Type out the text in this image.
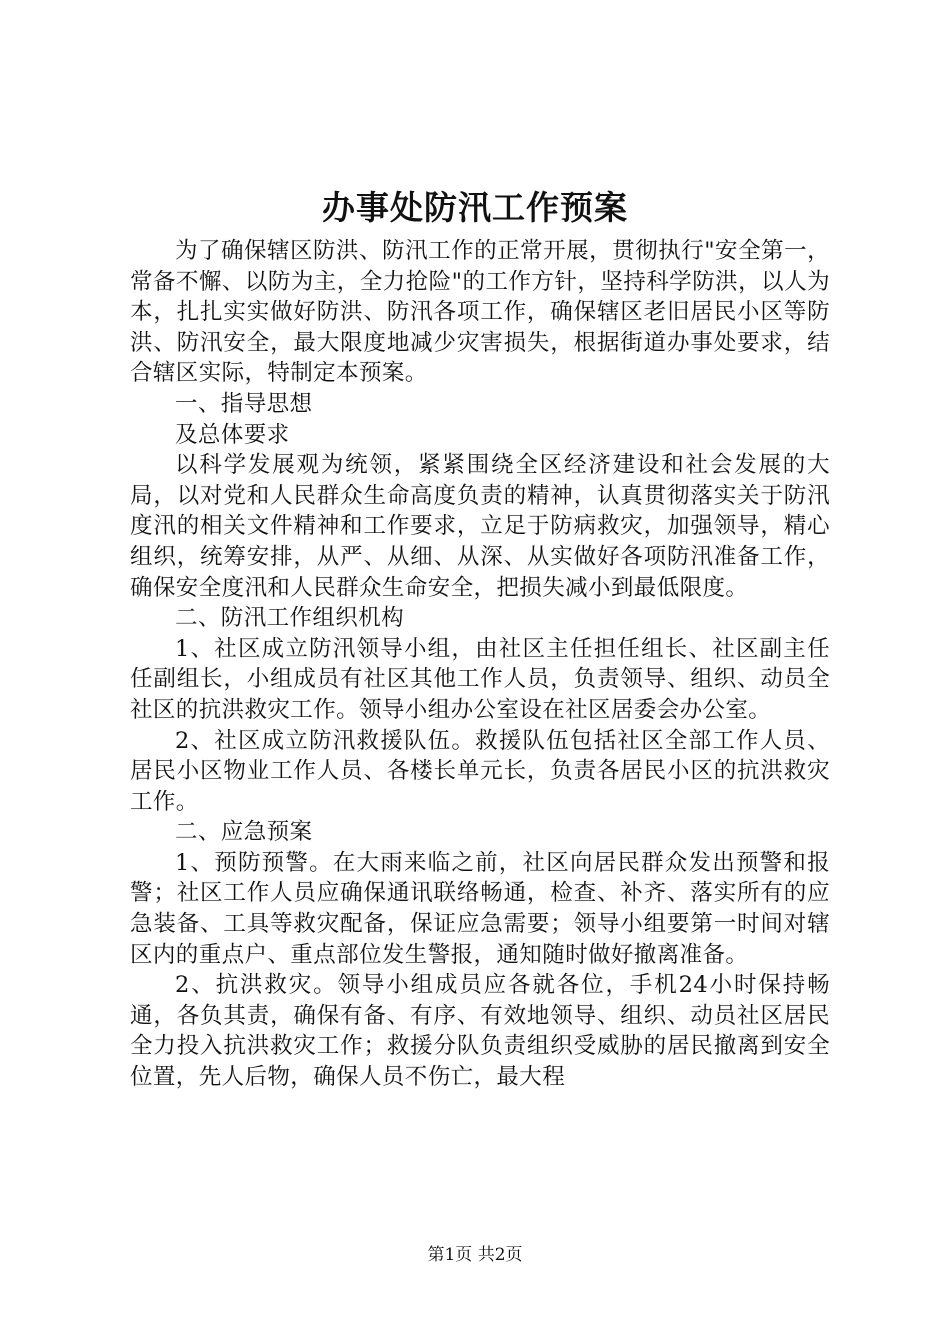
办事处防汛工作预案

为了确保辖区防洪、防汛工作的正常开展，贯彻执行"安全第一，常备不懈、以防为主，全力抢险"的工作方针，坚持科学防洪，以人为本，扎扎实实做好防洪、防汛各项工作，确保辖区老旧居民小区等防洪、防汛安全，最大限度地减少灾害损失，根据街道办事处要求，结合辖区实际，特制定本预案。

一、指导思想

及总体要求

以科学发展观为统领，紧紧围绕全区经济建设和社会发展的大局，以对党和人民群众生命高度负责的精神，认真贯彻落实关于防汛度汛的相关文件精神和工作要求，立足于防病救灾，加强领导，精心组织，统筹安排，从严、从细、从深、从实做好各项防汛准备工作，确保安全度汛和人民群众生命安全，把损失减小到最低限度。

二、防汛工作组织机构

1、社区成立防汛领导小组，由社区主任担任组长、社区副主任任副组长，小组成员有社区其他工作人员，负责领导、组织、动员全社区的抗洪救灾工作。领导小组办公室设在社区居委会办公室。

2、社区成立防汛救援队伍。救援队伍包括社区全部工作人员、居民小区物业工作人员、各楼长单元长，负责各居民小区的抗洪救灾工作。

二、应急预案

1、预防预警。在大雨来临之前，社区向居民群众发出预警和报警；社区工作人员应确保通讯联络畅通，检查、补齐、落实所有的应急装备、工具等救灾配备，保证应急需要；领导小组要第一时间对辖区内的重点户、重点部位发生警报，通知随时做好撤离准备。

2、抗洪救灾。领导小组成员应各就各位，手机24小时保持畅通，各负其责，确保有备、有序、有效地领导、组织、动员社区居民全力投入抗洪救灾工作；救援分队负责组织受威胁的居民撤离到安全位置，先人后物，确保人员不伤亡，最大程

第1页 共2页
